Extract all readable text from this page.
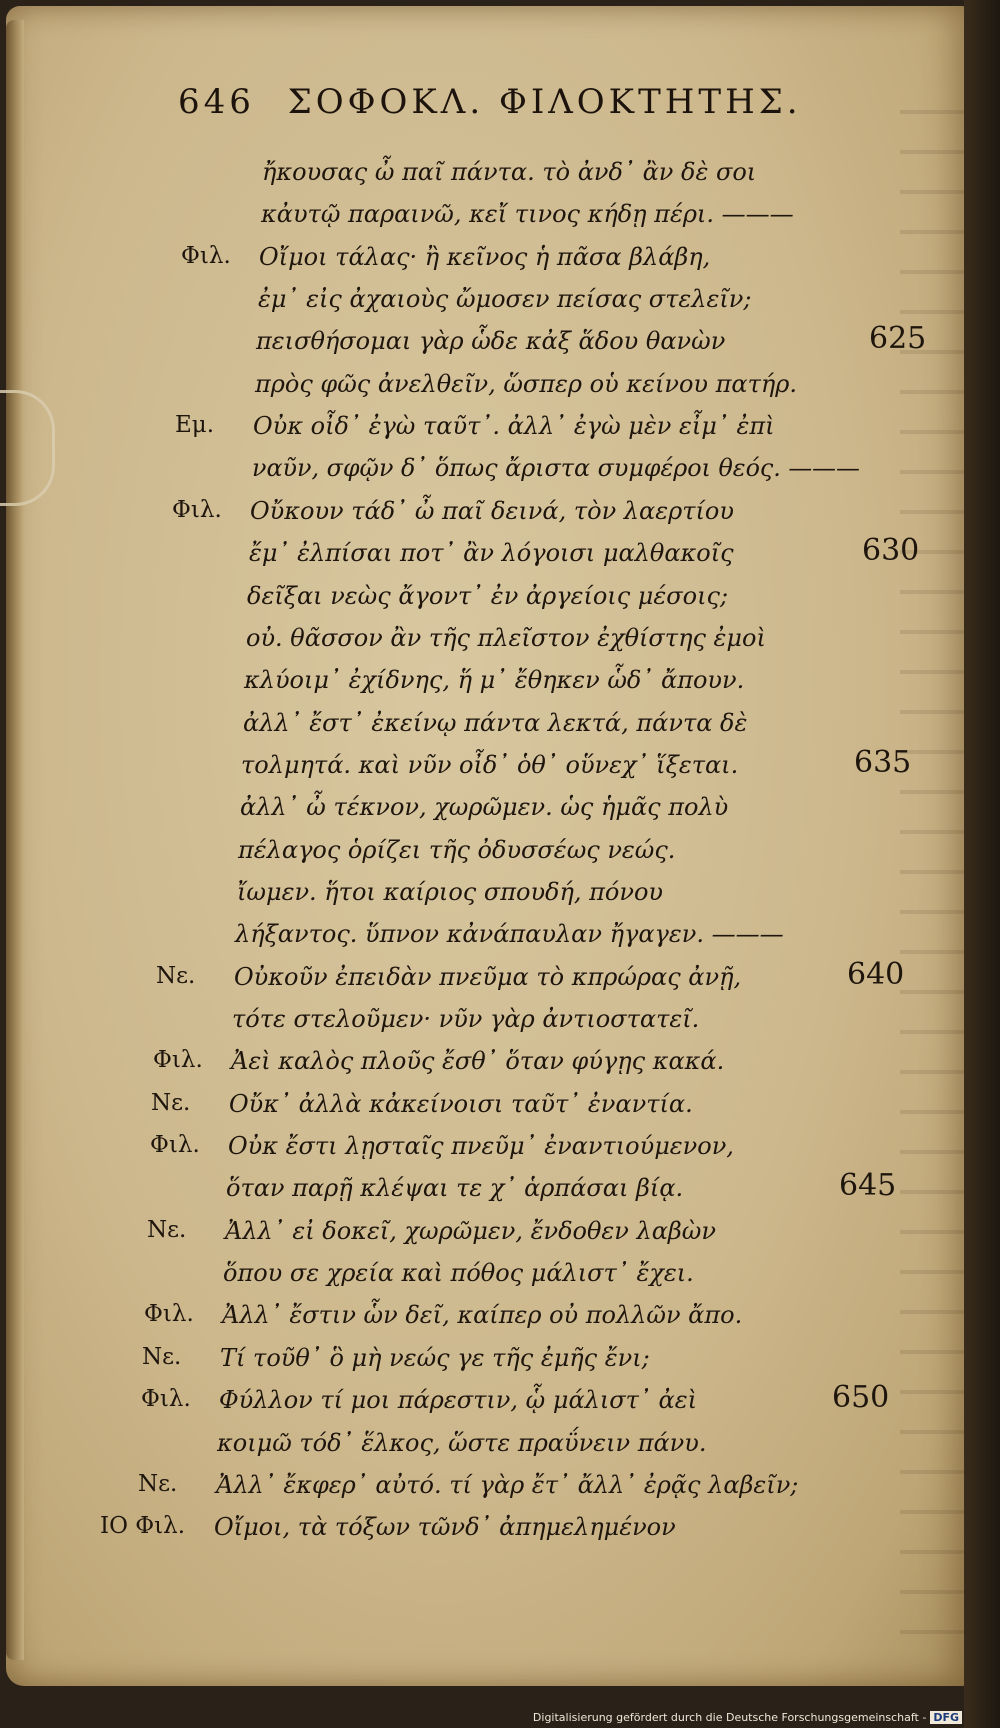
646 ΣΟΦΟΚΛ. ΦΙΛΟΚΤΗΤΗΣ.
ἤκουσας ὦ παῖ πάντα. τὸ ἀνδ᾽ ἂν δὲ σοι
κἀυτῷ παραινῶ, κεἴ τινος κήδῃ πέρι. ———
Φιλ. Οἴμοι τάλας· ἢ κεῖνος ἡ πᾶσα βλάβη,
ἐμ᾽ εἰς ἀχαιοὺς ὤμοσεν πείσας στελεῖν;
πεισθήσομαι γὰρ ὧδε κἀξ ἅδου θανὼν	625
πρὸς φῶς ἀνελθεῖν, ὥσπερ οὑ κείνου πατήρ.
Εμ. Οὐκ οἶδ᾽ ἐγὼ ταῦτ᾽. ἀλλ᾽ ἐγὼ μὲν εἶμ᾽ ἐπὶ
ναῦν, σφῷν δ᾽ ὅπως ἄριστα συμφέροι θεός. ———
Φιλ. Οὔκουν τάδ᾽ ὦ παῖ δεινά, τὸν λαερτίου
ἔμ᾽ ἐλπίσαι ποτ᾽ ἂν λόγοισι μαλθακοῖς	630
δεῖξαι νεὼς ἄγοντ᾽ ἐν ἀργείοις μέσοις;
οὐ. θᾶσσον ἂν τῆς πλεῖστον ἐχθίστης ἐμοὶ
κλύοιμ᾽ ἐχίδνης, ἥ μ᾽ ἔθηκεν ὧδ᾽ ἄπουν.
ἀλλ᾽ ἔστ᾽ ἐκείνῳ πάντα λεκτά, πάντα δὲ
τολμητά. καὶ νῦν οἶδ᾽ ὁθ᾽ οὕνεχ᾽ ἵξεται.	635
ἀλλ᾽ ὦ τέκνον, χωρῶμεν. ὡς ἡμᾶς πολὺ
πέλαγος ὁρίζει τῆς ὀδυσσέως νεώς.
ἴωμεν. ἥτοι καίριος σπουδή, πόνου
λήξαντος. ὕπνον κἀνάπαυλαν ἤγαγεν. ———
Νε. Οὐκοῦν ἐπειδὰν πνεῦμα τὸ κπρώρας ἀνῇ,	640
τότε στελοῦμεν· νῦν γὰρ ἀντιοστατεῖ.
Φιλ. Ἀεὶ καλὸς πλοῦς ἔσθ᾽ ὅταν φύγῃς κακά.
Νε. Οὔκ᾽ ἀλλὰ κἀκείνοισι ταῦτ᾽ ἐναντία.
Φιλ. Οὐκ ἔστι λῃσταῖς πνεῦμ᾽ ἐναντιούμενον,
ὅταν παρῇ κλέψαι τε χ᾽ ἁρπάσαι βίᾳ.	645
Νε. Ἀλλ᾽ εἰ δοκεῖ, χωρῶμεν, ἔνδοθεν λαβὼν
ὅπου σε χρεία καὶ πόθος μάλιστ᾽ ἔχει.
Φιλ. Ἀλλ᾽ ἔστιν ὧν δεῖ, καίπερ οὐ πολλῶν ἄπο.
Νε. Τί τοῦθ᾽ ὃ μὴ νεώς γε τῆς ἐμῆς ἔνι;
Φιλ. Φύλλον τί μοι πάρεστιν, ᾧ μάλιστ᾽ ἀεὶ	650
κοιμῶ τόδ᾽ ἕλκος, ὥστε πραΰνειν πάνυ.
Νε. Ἀλλ᾽ ἔκφερ᾽ αὐτό. τί γὰρ ἔτ᾽ ἄλλ᾽ ἐρᾷς λαβεῖν;
ΙΟ Φιλ. Οἴμοι, τὰ τόξων τῶνδ᾽ ἀπημελημένον
Digitalisierung gefördert durch die Deutsche Forschungsgemeinschaft - DFG
